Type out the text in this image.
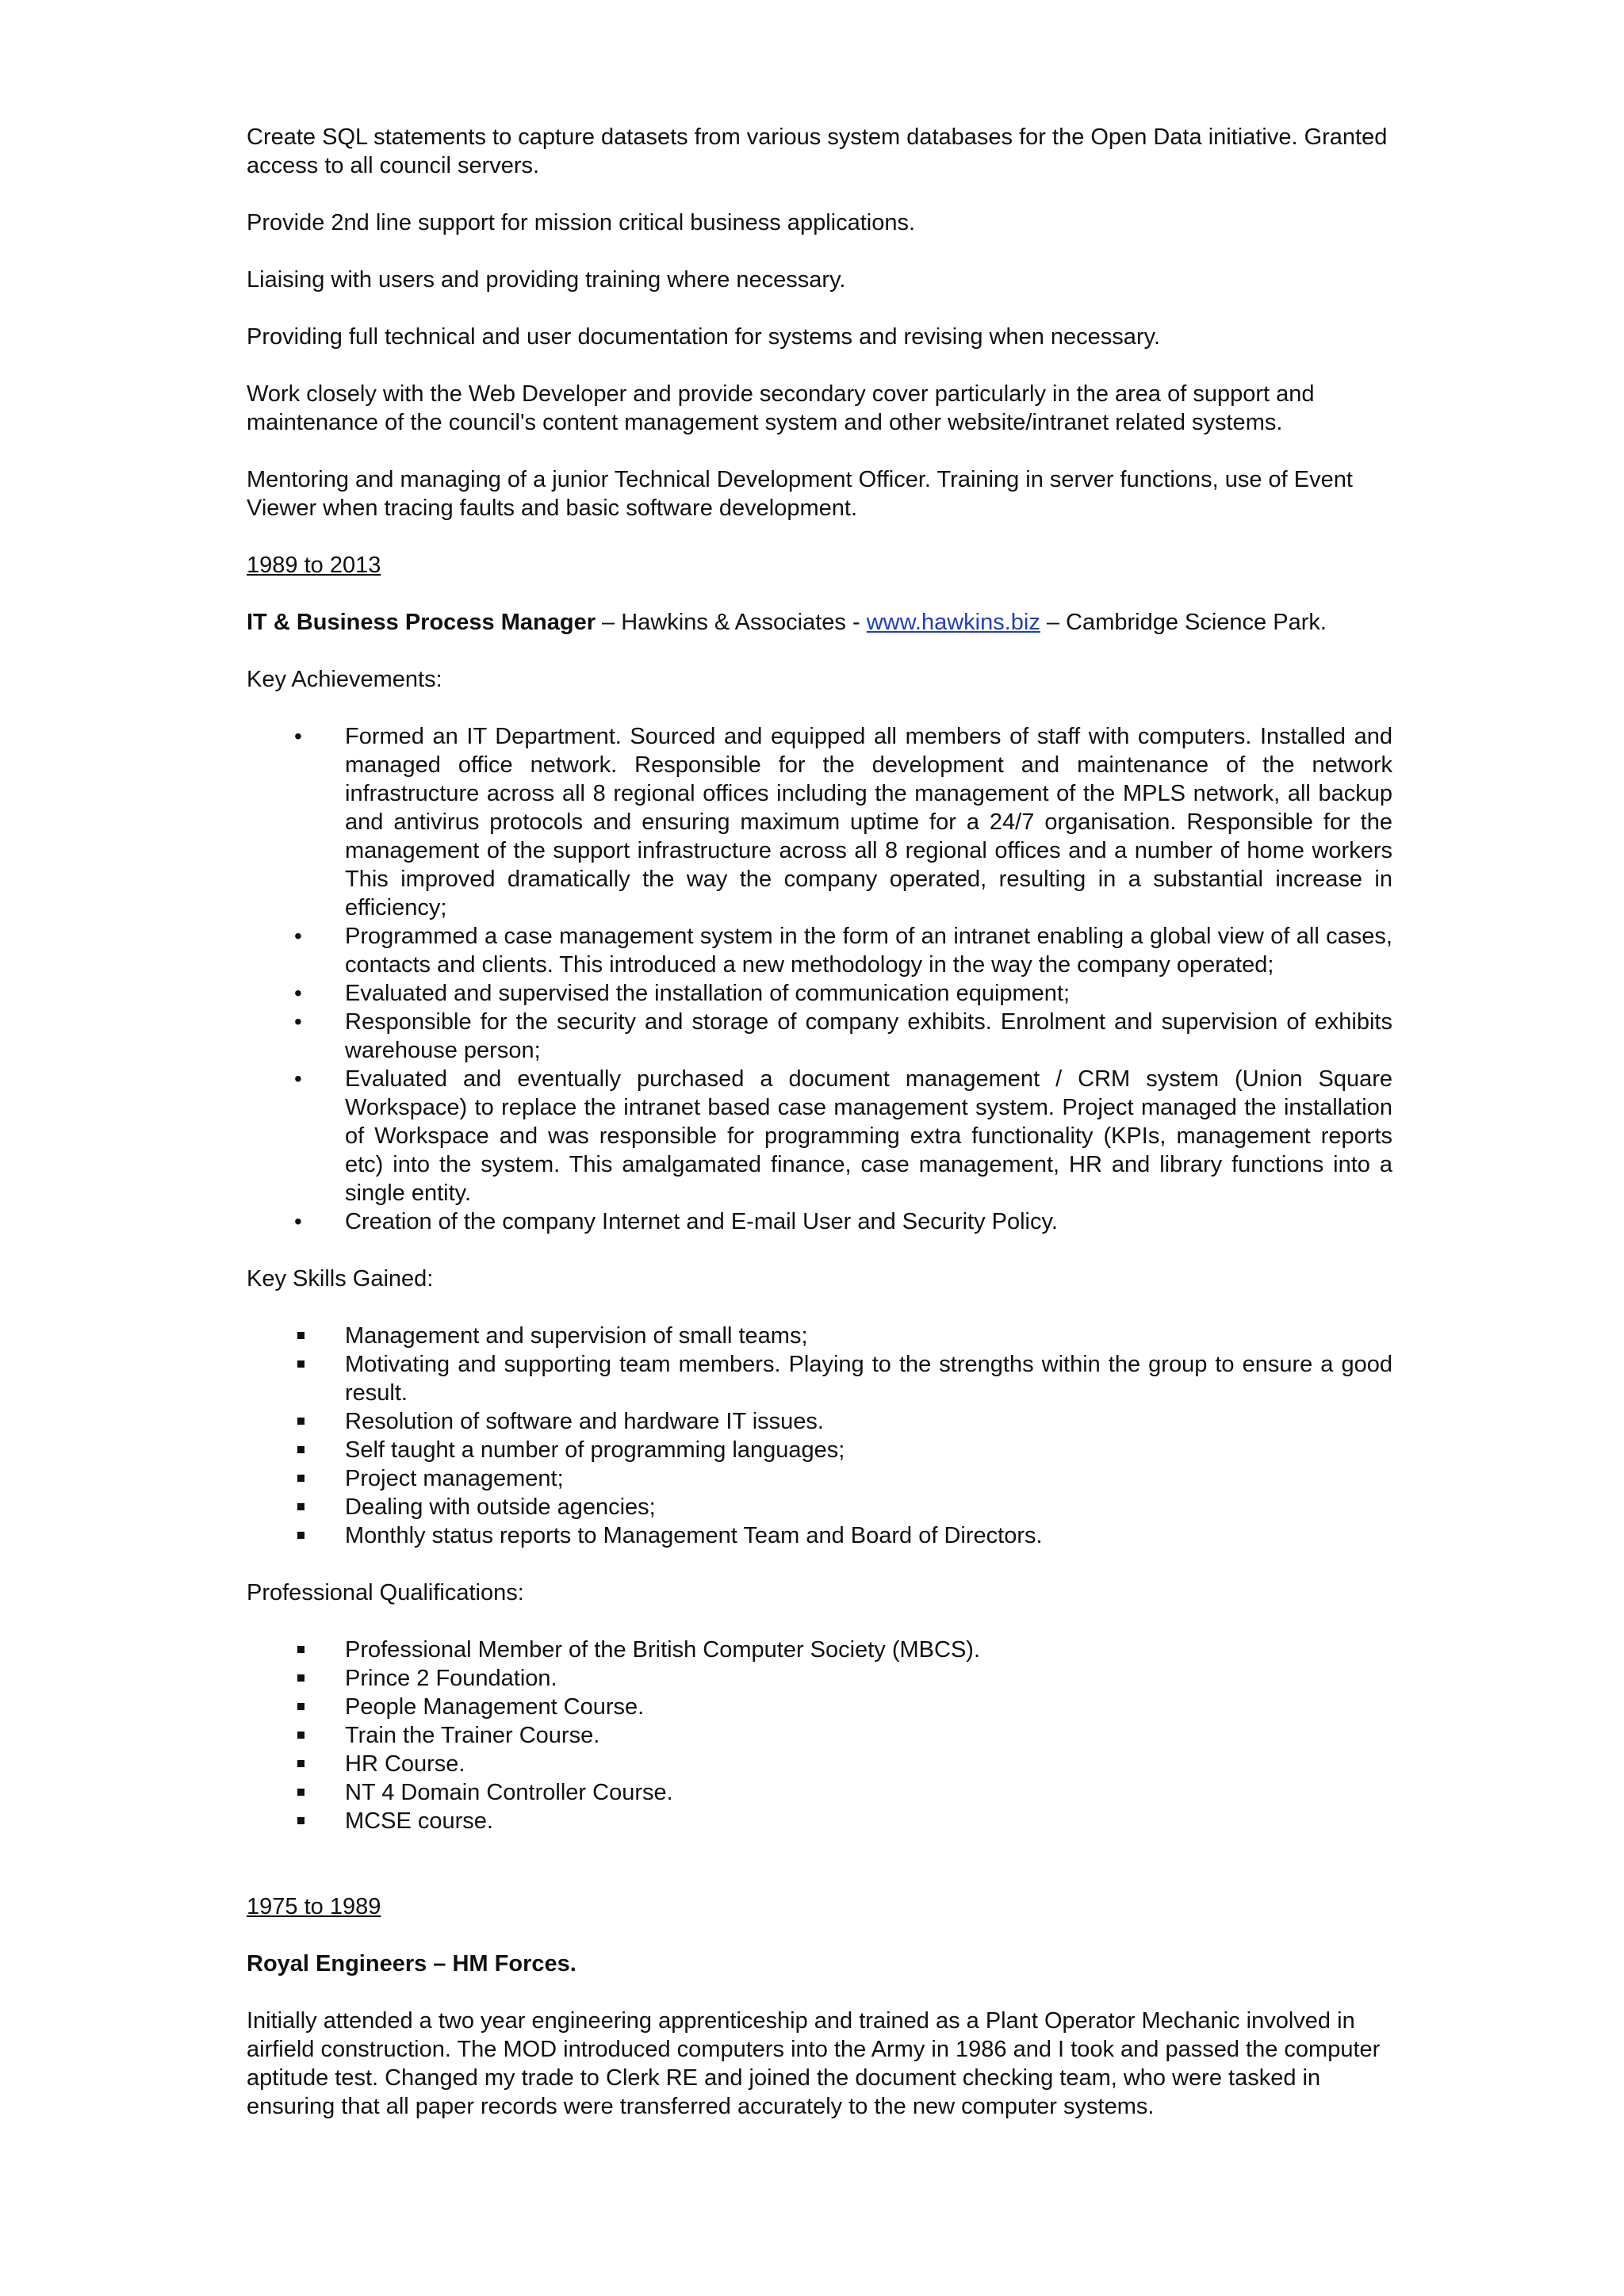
Create SQL statements to capture datasets from various system databases for the Open Data initiative. Granted access to all council servers.

Provide 2nd line support for mission critical business applications.

Liaising with users and providing training where necessary.

Providing full technical and user documentation for systems and revising when necessary.

Work closely with the Web Developer and provide secondary cover particularly in the area of support and maintenance of the council's content management system and other website/intranet related systems.

Mentoring and managing of a junior Technical Development Officer. Training in server functions, use of Event Viewer when tracing faults and basic software development.

1989 to 2013

IT & Business Process Manager – Hawkins & Associates - www.hawkins.biz – Cambridge Science Park.

Key Achievements:

• Formed an IT Department. Sourced and equipped all members of staff with computers. Installed and managed office network. Responsible for the development and maintenance of the network infrastructure across all 8 regional offices including the management of the MPLS network, all backup and antivirus protocols and ensuring maximum uptime for a 24/7 organisation. Responsible for the management of the support infrastructure across all 8 regional offices and a number of home workers This improved dramatically the way the company operated, resulting in a substantial increase in efficiency;
• Programmed a case management system in the form of an intranet enabling a global view of all cases, contacts and clients. This introduced a new methodology in the way the company operated;
• Evaluated and supervised the installation of communication equipment;
• Responsible for the security and storage of company exhibits. Enrolment and supervision of exhibits warehouse person;
• Evaluated and eventually purchased a document management / CRM system (Union Square Workspace) to replace the intranet based case management system. Project managed the installation of Workspace and was responsible for programming extra functionality (KPIs, management reports etc) into the system. This amalgamated finance, case management, HR and library functions into a single entity.
• Creation of the company Internet and E-mail User and Security Policy.

Key Skills Gained:

Management and supervision of small teams;
Motivating and supporting team members. Playing to the strengths within the group to ensure a good result.
Resolution of software and hardware IT issues.
Self taught a number of programming languages;
Project management;
Dealing with outside agencies;
Monthly status reports to Management Team and Board of Directors.

Professional Qualifications:

Professional Member of the British Computer Society (MBCS).
Prince 2 Foundation.
People Management Course.
Train the Trainer Course.
HR Course.
NT 4 Domain Controller Course.
MCSE course.

1975 to 1989

Royal Engineers – HM Forces.

Initially attended a two year engineering apprenticeship and trained as a Plant Operator Mechanic involved in airfield construction. The MOD introduced computers into the Army in 1986 and I took and passed the computer aptitude test. Changed my trade to Clerk RE and joined the document checking team, who were tasked in ensuring that all paper records were transferred accurately to the new computer systems.
